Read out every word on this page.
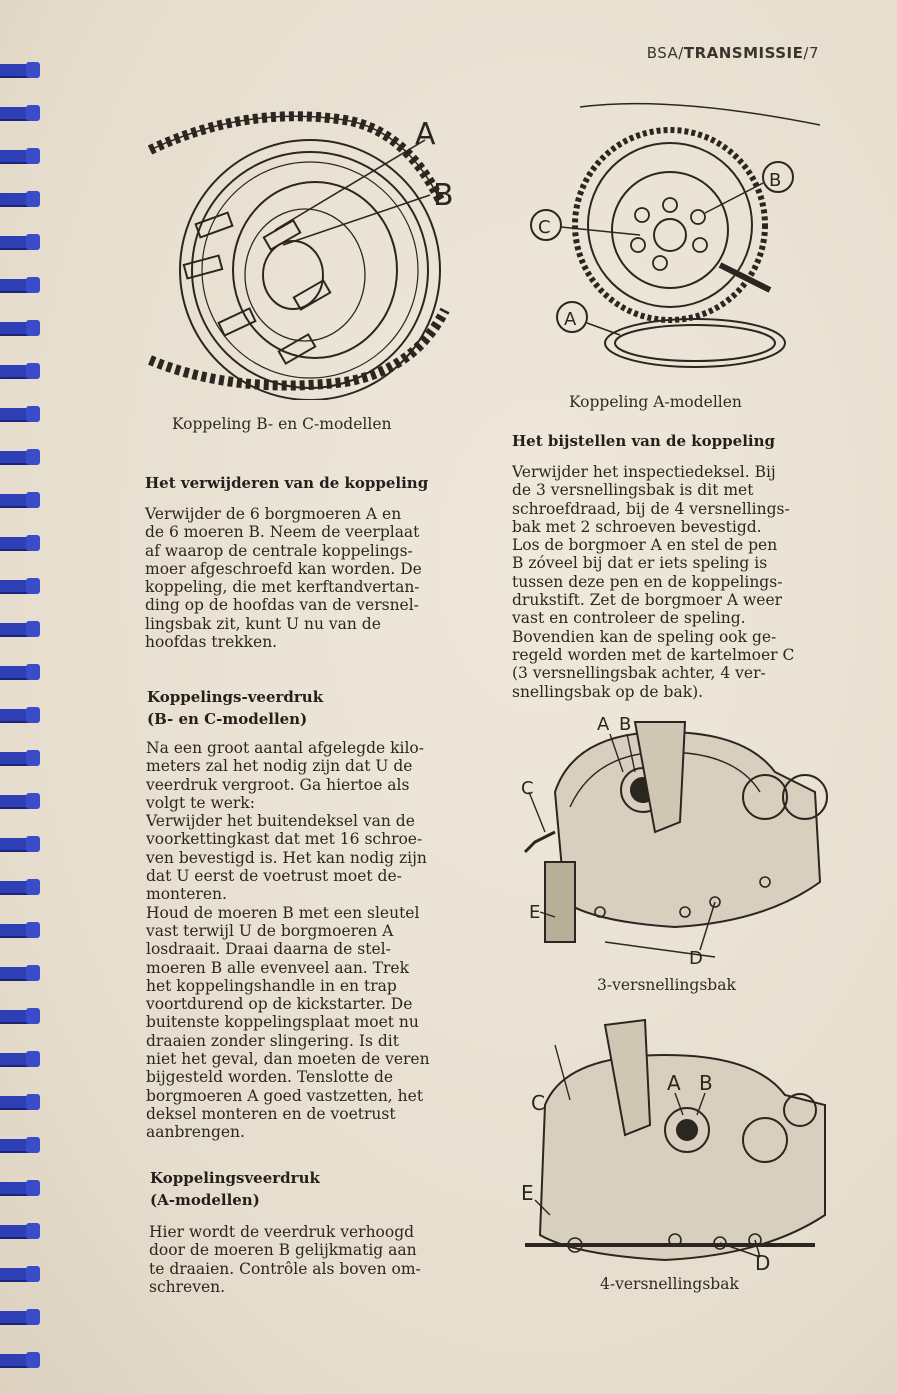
BSA/TRANSMISSIE/7
A
B
Koppeling B- en C-modellen
B
C
A
Koppeling A-modellen
Het verwijderen van de koppeling
Verwijder de 6 borgmoeren A en
de 6 moeren B. Neem de veerplaat
af waarop de centrale koppelings-
moer afgeschroefd kan worden. De
koppeling, die met kerftandvertan-
ding op de hoofdas van de versnel-
lingsbak zit, kunt U nu van de
hoofdas trekken.
Koppelings-veerdruk
(B- en C-modellen)
Na een groot aantal afgelegde kilo-
meters zal het nodig zijn dat U de
veerdruk vergroot. Ga hiertoe als
volgt te werk:
Verwijder het buitendeksel van de
voorkettingkast dat met 16 schroe-
ven bevestigd is. Het kan nodig zijn
dat U eerst de voetrust moet de-
monteren.
Houd de moeren B met een sleutel
vast terwijl U de borgmoeren A
losdraait. Draai daarna de stel-
moeren B alle evenveel aan. Trek
het koppelingshandle in en trap
voortdurend op de kickstarter. De
buitenste koppelingsplaat moet nu
draaien zonder slingering. Is dit
niet het geval, dan moeten de veren
bijgesteld worden. Tenslotte de
borgmoeren A goed vastzetten, het
deksel monteren en de voetrust
aanbrengen.
Koppelingsveerdruk
(A-modellen)
Hier wordt de veerdruk verhoogd
door de moeren B gelijkmatig aan
te draaien. Contrôle als boven om-
schreven.
Het bijstellen van de koppeling
Verwijder het inspectiedeksel. Bij
de 3 versnellingsbak is dit met
schroefdraad, bij de 4 versnellings-
bak met 2 schroeven bevestigd.
Los de borgmoer A en stel de pen
B zóveel bij dat er iets speling is
tussen deze pen en de koppelings-
drukstift. Zet de borgmoer A weer
vast en controleer de speling.
Bovendien kan de speling ook ge-
regeld worden met de kartelmoer C
(3 versnellingsbak achter, 4 ver-
snellingsbak op de bak).
A B
C
D
E
3-versnellingsbak
A B
C
D
E
4-versnellingsbak
